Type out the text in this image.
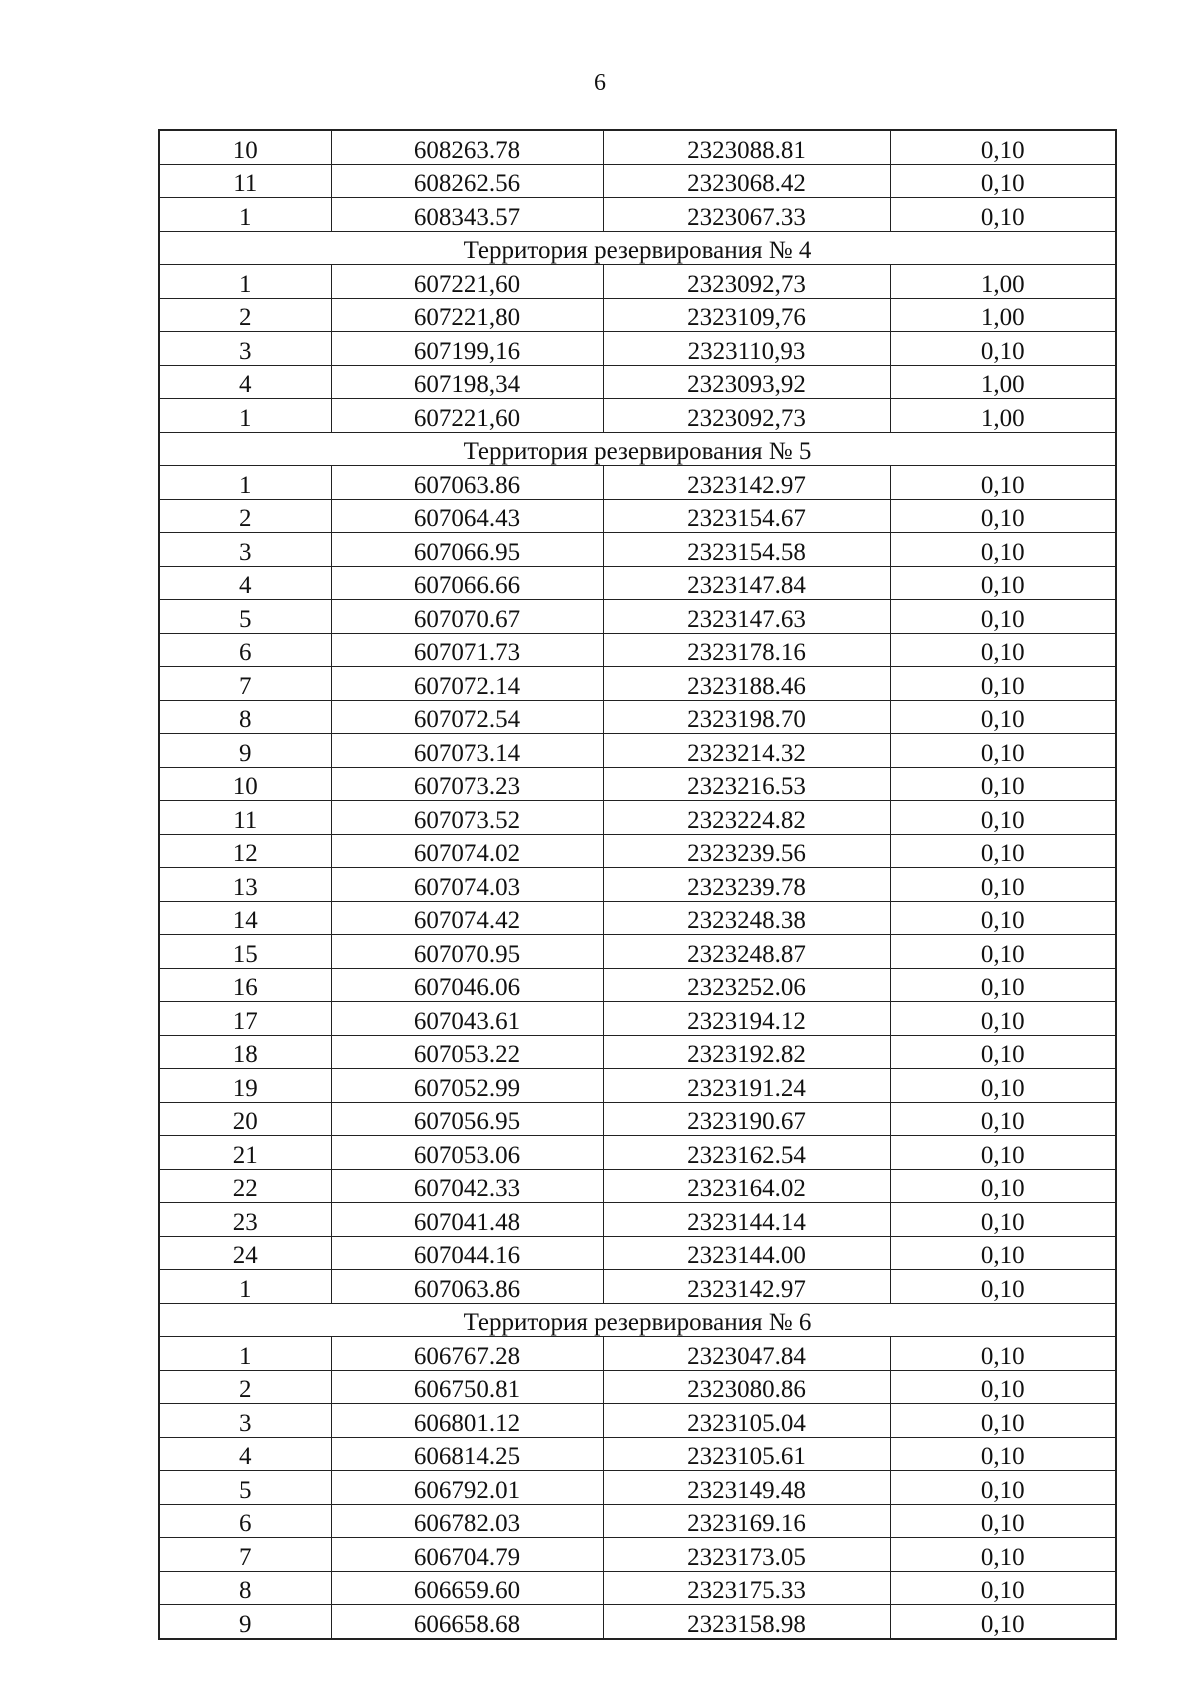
6
10	608263.78	2323088.81	0,10
11	608262.56	2323068.42	0,10
1	608343.57	2323067.33	0,10
Территория резервирования № 4			
1	607221,60	2323092,73	1,00
2	607221,80	2323109,76	1,00
3	607199,16	2323110,93	0,10
4	607198,34	2323093,92	1,00
1	607221,60	2323092,73	1,00
Территория резервирования № 5			
1	607063.86	2323142.97	0,10
2	607064.43	2323154.67	0,10
3	607066.95	2323154.58	0,10
4	607066.66	2323147.84	0,10
5	607070.67	2323147.63	0,10
6	607071.73	2323178.16	0,10
7	607072.14	2323188.46	0,10
8	607072.54	2323198.70	0,10
9	607073.14	2323214.32	0,10
10	607073.23	2323216.53	0,10
11	607073.52	2323224.82	0,10
12	607074.02	2323239.56	0,10
13	607074.03	2323239.78	0,10
14	607074.42	2323248.38	0,10
15	607070.95	2323248.87	0,10
16	607046.06	2323252.06	0,10
17	607043.61	2323194.12	0,10
18	607053.22	2323192.82	0,10
19	607052.99	2323191.24	0,10
20	607056.95	2323190.67	0,10
21	607053.06	2323162.54	0,10
22	607042.33	2323164.02	0,10
23	607041.48	2323144.14	0,10
24	607044.16	2323144.00	0,10
1	607063.86	2323142.97	0,10
Территория резервирования № 6			
1	606767.28	2323047.84	0,10
2	606750.81	2323080.86	0,10
3	606801.12	2323105.04	0,10
4	606814.25	2323105.61	0,10
5	606792.01	2323149.48	0,10
6	606782.03	2323169.16	0,10
7	606704.79	2323173.05	0,10
8	606659.60	2323175.33	0,10
9	606658.68	2323158.98	0,10
